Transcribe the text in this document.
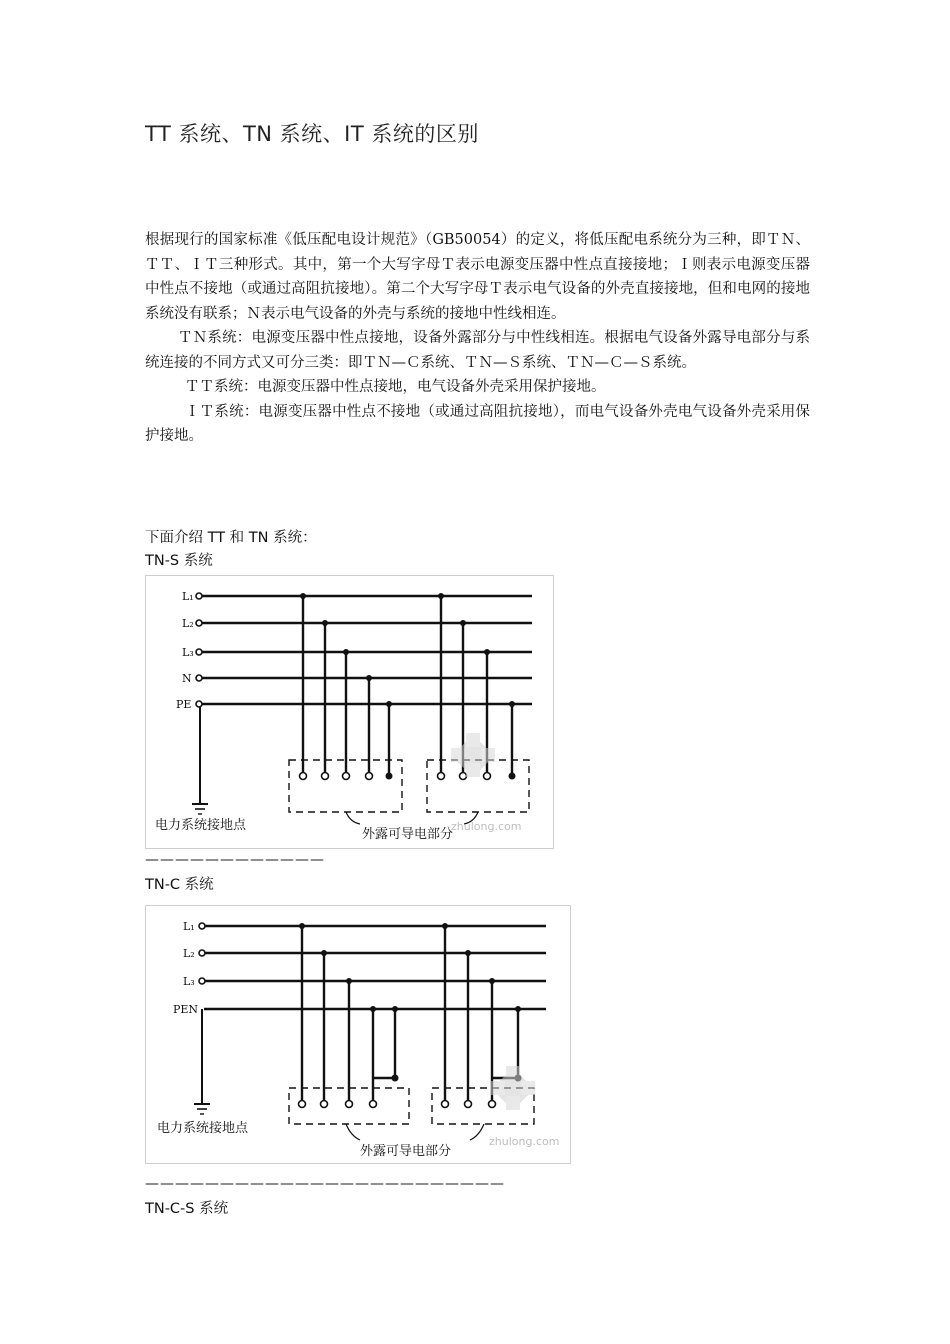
TT 系统、TN 系统、IT 系统的区别

根据现行的国家标准《低压配电设计规范》（GB50054）的定义，将低压配电系统分为三种，即ＴＮ、ＴＴ、ＩＴ三种形式。其中，第一个大写字母Ｔ表示电源变压器中性点直接接地；Ｉ则表示电源变压器中性点不接地（或通过高阻抗接地）。第二个大写字母Ｔ表示电气设备的外壳直接接地，但和电网的接地系统没有联系；Ｎ表示电气设备的外壳与系统的接地中性线相连。

ＴＮ系统：电源变压器中性点接地，设备外露部分与中性线相连。根据电气设备外露导电部分与系统连接的不同方式又可分三类：即ＴＮ—Ｃ系统、ＴＮ—Ｓ系统、ＴＮ—Ｃ—Ｓ系统。

ＴＴ系统：电源变压器中性点接地，电气设备外壳采用保护接地。

ＩＴ系统：电源变压器中性点不接地（或通过高阻抗接地），而电气设备外壳电气设备外壳采用保护接地。

下面介绍 TT 和 TN 系统：
TN-S 系统
zhulong.com
L₁
L₂
L₃
N
PE
电力系统接地点
外露可导电部分
————————————
TN-C 系统
zhulong.com
L₁
L₂
L₃
PEN
电力系统接地点
外露可导电部分
————————————————————————
TN-C-S 系统
